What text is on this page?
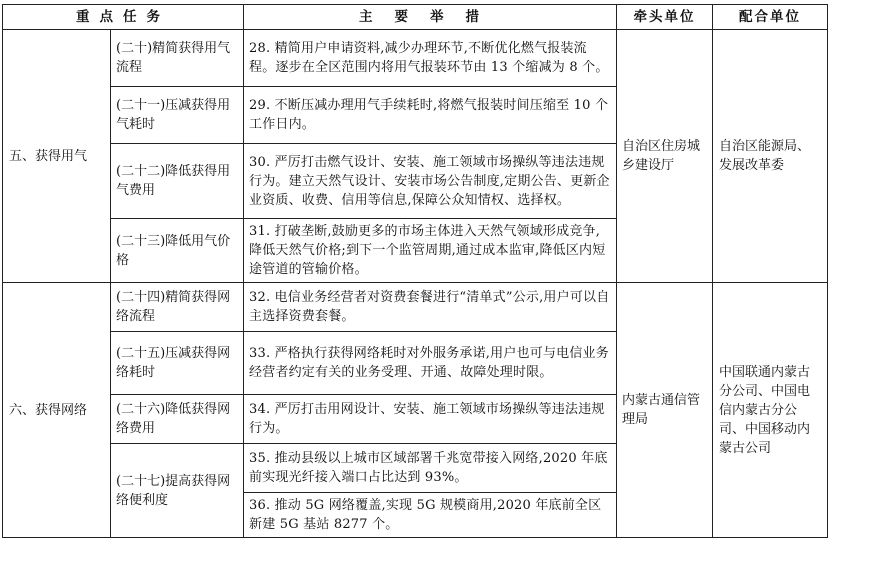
重点任务		主要举措	牵头单位	配合单位
五、获得用气	(二十)精简获得用气流程	28. 精简用户申请资料,减少办理环节,不断优化燃气报装流程。逐步在全区范围内将用气报装环节由 13 个缩减为 8 个。	自治区住房城乡建设厅	自治区能源局、发展改革委
	(二十一)压减获得用气耗时	29. 不断压减办理用气手续耗时,将燃气报装时间压缩至 10 个工作日内。		
	(二十二)降低获得用气费用	30. 严厉打击燃气设计、安装、施工领域市场操纵等违法违规行为。建立天然气设计、安装市场公告制度,定期公告、更新企业资质、收费、信用等信息,保障公众知情权、选择权。		
	(二十三)降低用气价格	31. 打破垄断,鼓励更多的市场主体进入天然气领域形成竞争,降低天然气价格;到下一个监管周期,通过成本监审,降低区内短途管道的管输价格。		
六、获得网络	(二十四)精简获得网络流程	32. 电信业务经营者对资费套餐进行“清单式”公示,用户可以自主选择资费套餐。	内蒙古通信管理局	中国联通内蒙古分公司、中国电信内蒙古分公司、中国移动内蒙古公司
	(二十五)压减获得网络耗时	33. 严格执行获得网络耗时对外服务承诺,用户也可与电信业务经营者约定有关的业务受理、开通、故障处理时限。		
	(二十六)降低获得网络费用	34. 严厉打击用网设计、安装、施工领域市场操纵等违法违规行为。		
	(二十七)提高获得网络便利度	35. 推动县级以上城市区域部署千兆宽带接入网络,2020 年底前实现光纤接入端口占比达到 93%。		
		36. 推动 5G 网络覆盖,实现 5G 规模商用,2020 年底前全区新建 5G 基站 8277 个。		
